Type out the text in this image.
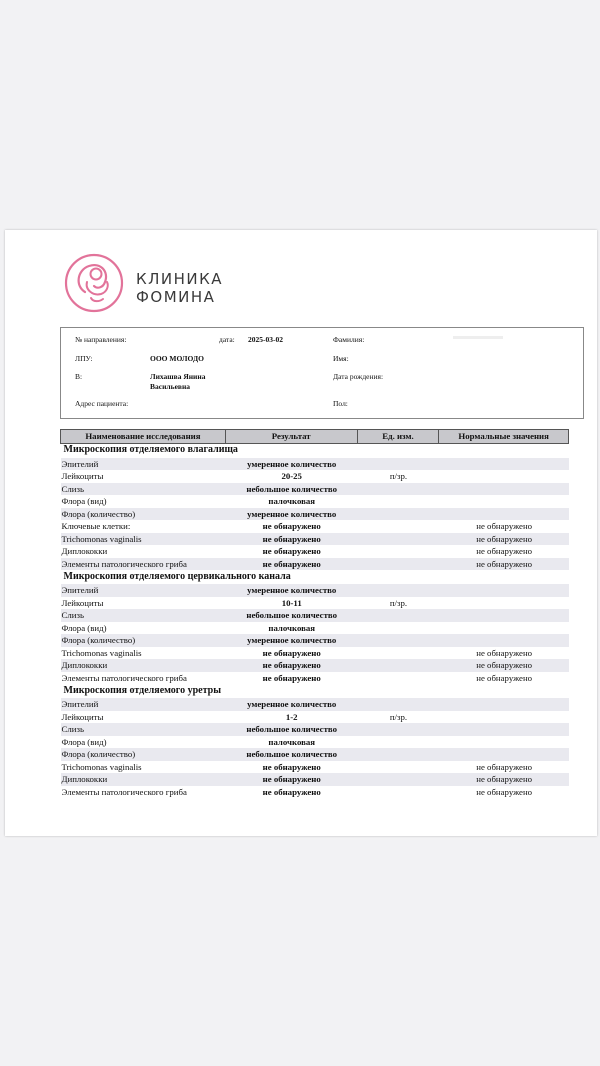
КЛИНИКА
ФОМИНА
№ направления:	дата: 2025-03-02	Фамилия:
ЛПУ:	ООО МОЛОДО	Имя:
В:	Лихашва Янина
Васильевна
Дата рождения:
Адрес пациента:	Пол:
Наименование исследования	Результат	Ед. изм.	Нормальные значения
Микроскопия отделяемого влагалища			
Эпителий	умеренное количество		
Лейкоциты	20-25	п/зр.	
Слизь	небольшое количество		
Флора (вид)	палочковая		
Флора (количество)	умеренное количество		
Ключевые клетки:	не обнаружено		не обнаружено
Trichomonas vaginalis	не обнаружено		не обнаружено
Диплококки	не обнаружено		не обнаружено
Элементы патологического гриба	не обнаружено		не обнаружено
Микроскопия отделяемого цервикального канала			
Эпителий	умеренное количество		
Лейкоциты	10-11	п/зр.	
Слизь	небольшое количество		
Флора (вид)	палочковая		
Флора (количество)	умеренное количество		
Trichomonas vaginalis	не обнаружено		не обнаружено
Диплококки	не обнаружено		не обнаружено
Элементы патологического гриба	не обнаружено		не обнаружено
Микроскопия отделяемого уретры			
Эпителий	умеренное количество		
Лейкоциты	1-2	п/зр.	
Слизь	небольшое количество		
Флора (вид)	палочковая		
Флора (количество)	небольшое количество		
Trichomonas vaginalis	не обнаружено		не обнаружено
Диплококки	не обнаружено		не обнаружено
Элементы патологического гриба	не обнаружено		не обнаружено
